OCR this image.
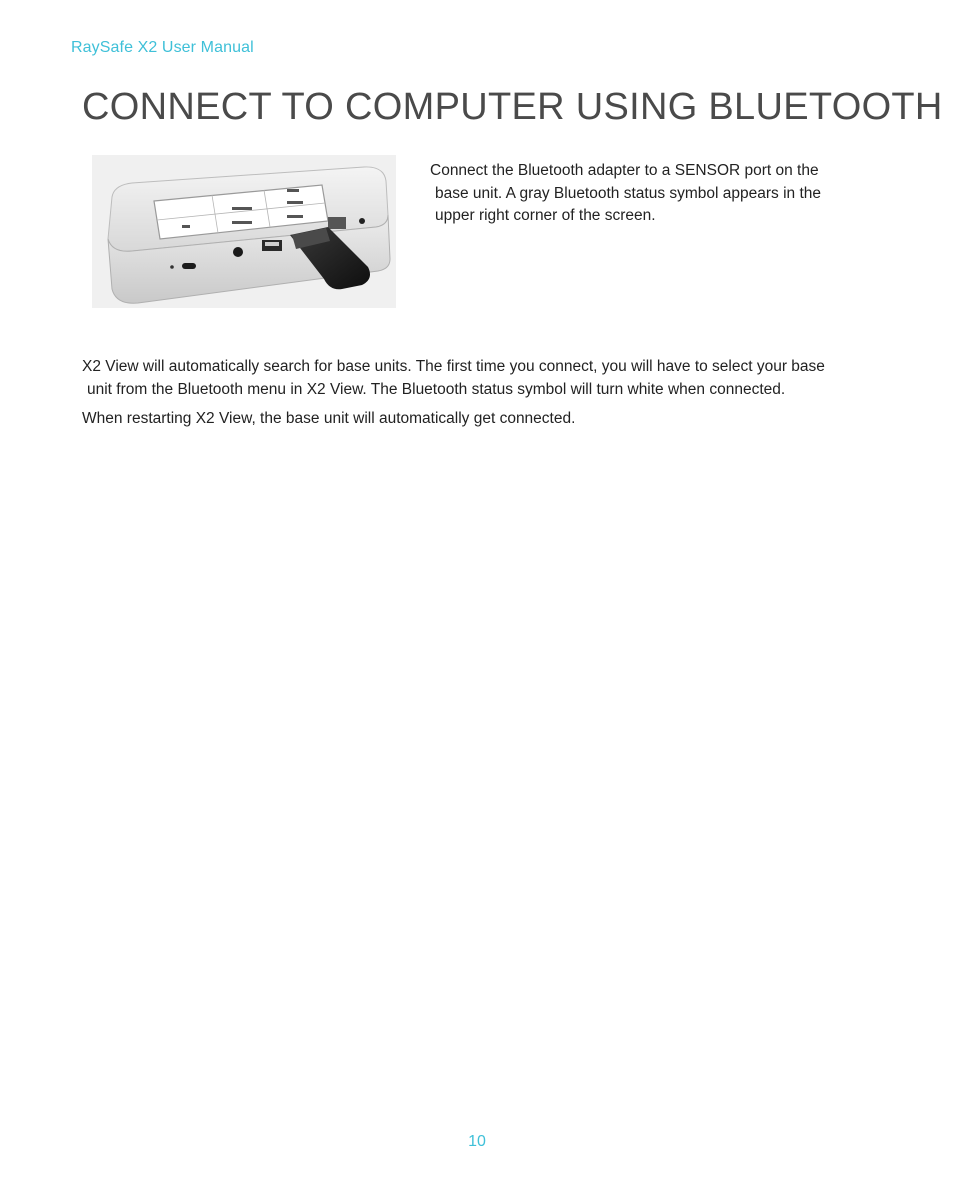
RaySafe X2 User Manual
CONNECT TO COMPUTER USING BLUETOOTH
Connect the Bluetooth adapter to a SENSOR port on the
base unit. A gray Bluetooth status symbol appears in the
upper right corner of the screen.

X2 View will automatically search for base units. The first time you connect, you will have to select your base
unit from the Bluetooth menu in X2 View. The Bluetooth status symbol will turn white when connected.

When restarting X2 View, the base unit will automatically get connected.

10
